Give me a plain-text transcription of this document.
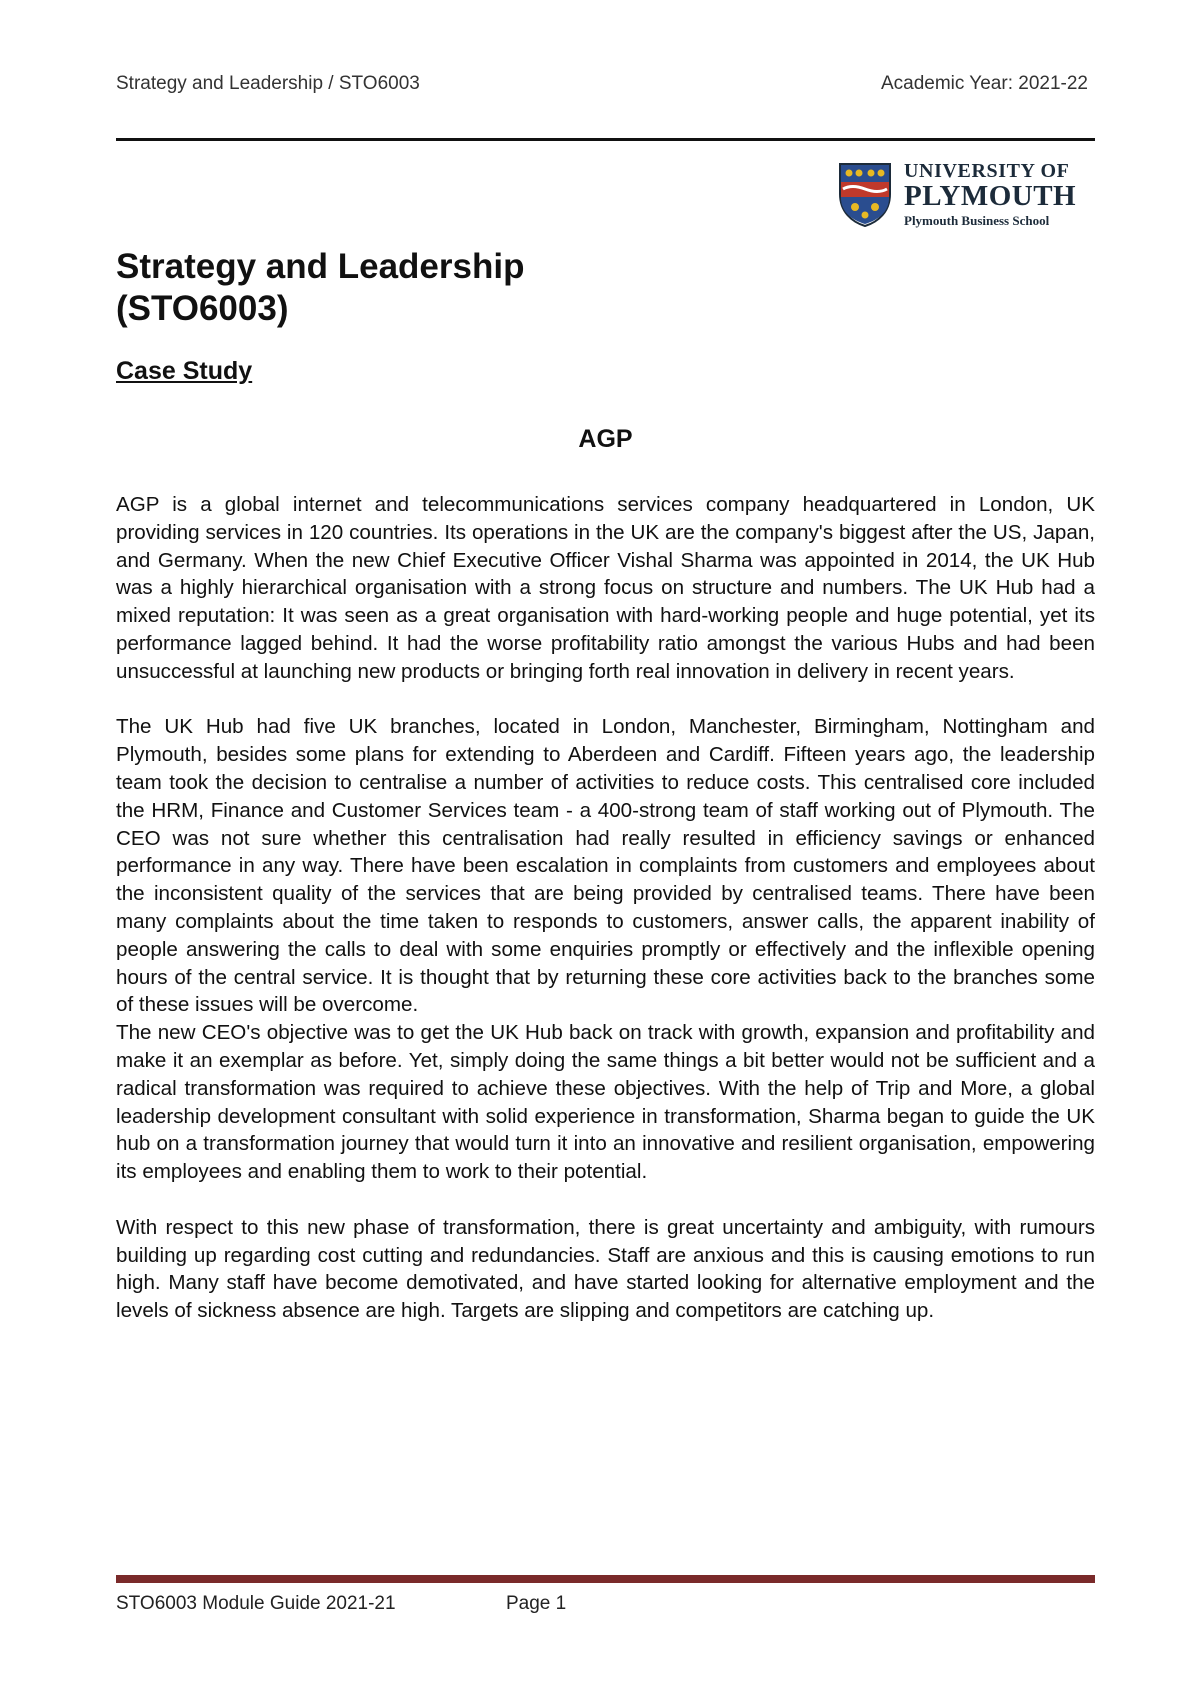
Strategy and Leadership / STO6003	Academic Year: 2021-22
UNIVERSITY OF
PLYMOUTH
Plymouth Business School
Strategy and Leadership
(STO6003)
Case Study
AGP

AGP is a global internet and telecommunications services company headquartered in London, UK providing services in 120 countries. Its operations in the UK are the company's biggest after the US, Japan, and Germany. When the new Chief Executive Officer Vishal Sharma was appointed in 2014, the UK Hub was a highly hierarchical organisation with a strong focus on structure and numbers. The UK Hub had a mixed reputation: It was seen as a great organisation with hard-working people and huge potential, yet its performance lagged behind. It had the worse profitability ratio amongst the various Hubs and had been unsuccessful at launching new products or bringing forth real innovation in delivery in recent years.

The UK Hub had five UK branches, located in London, Manchester, Birmingham, Nottingham and Plymouth, besides some plans for extending to Aberdeen and Cardiff. Fifteen years ago, the leadership team took the decision to centralise a number of activities to reduce costs. This centralised core included the HRM, Finance and Customer Services team - a 400-strong team of staff working out of Plymouth. The CEO was not sure whether this centralisation had really resulted in efficiency savings or enhanced performance in any way. There have been escalation in complaints from customers and employees about the inconsistent quality of the services that are being provided by centralised teams. There have been many complaints about the time taken to responds to customers, answer calls, the apparent inability of people answering the calls to deal with some enquiries promptly or effectively and the inflexible opening hours of the central service. It is thought that by returning these core activities back to the branches some of these issues will be overcome.

The new CEO's objective was to get the UK Hub back on track with growth, expansion and profitability and make it an exemplar as before. Yet, simply doing the same things a bit better would not be sufficient and a radical transformation was required to achieve these objectives. With the help of Trip and More, a global leadership development consultant with solid experience in transformation, Sharma began to guide the UK hub on a transformation journey that would turn it into an innovative and resilient organisation, empowering its employees and enabling them to work to their potential.

With respect to this new phase of transformation, there is great uncertainty and ambiguity, with rumours building up regarding cost cutting and redundancies. Staff are anxious and this is causing emotions to run high. Many staff have become demotivated, and have started looking for alternative employment and the levels of sickness absence are high. Targets are slipping and competitors are catching up.

STO6003 Module Guide 2021-21	Page 1
